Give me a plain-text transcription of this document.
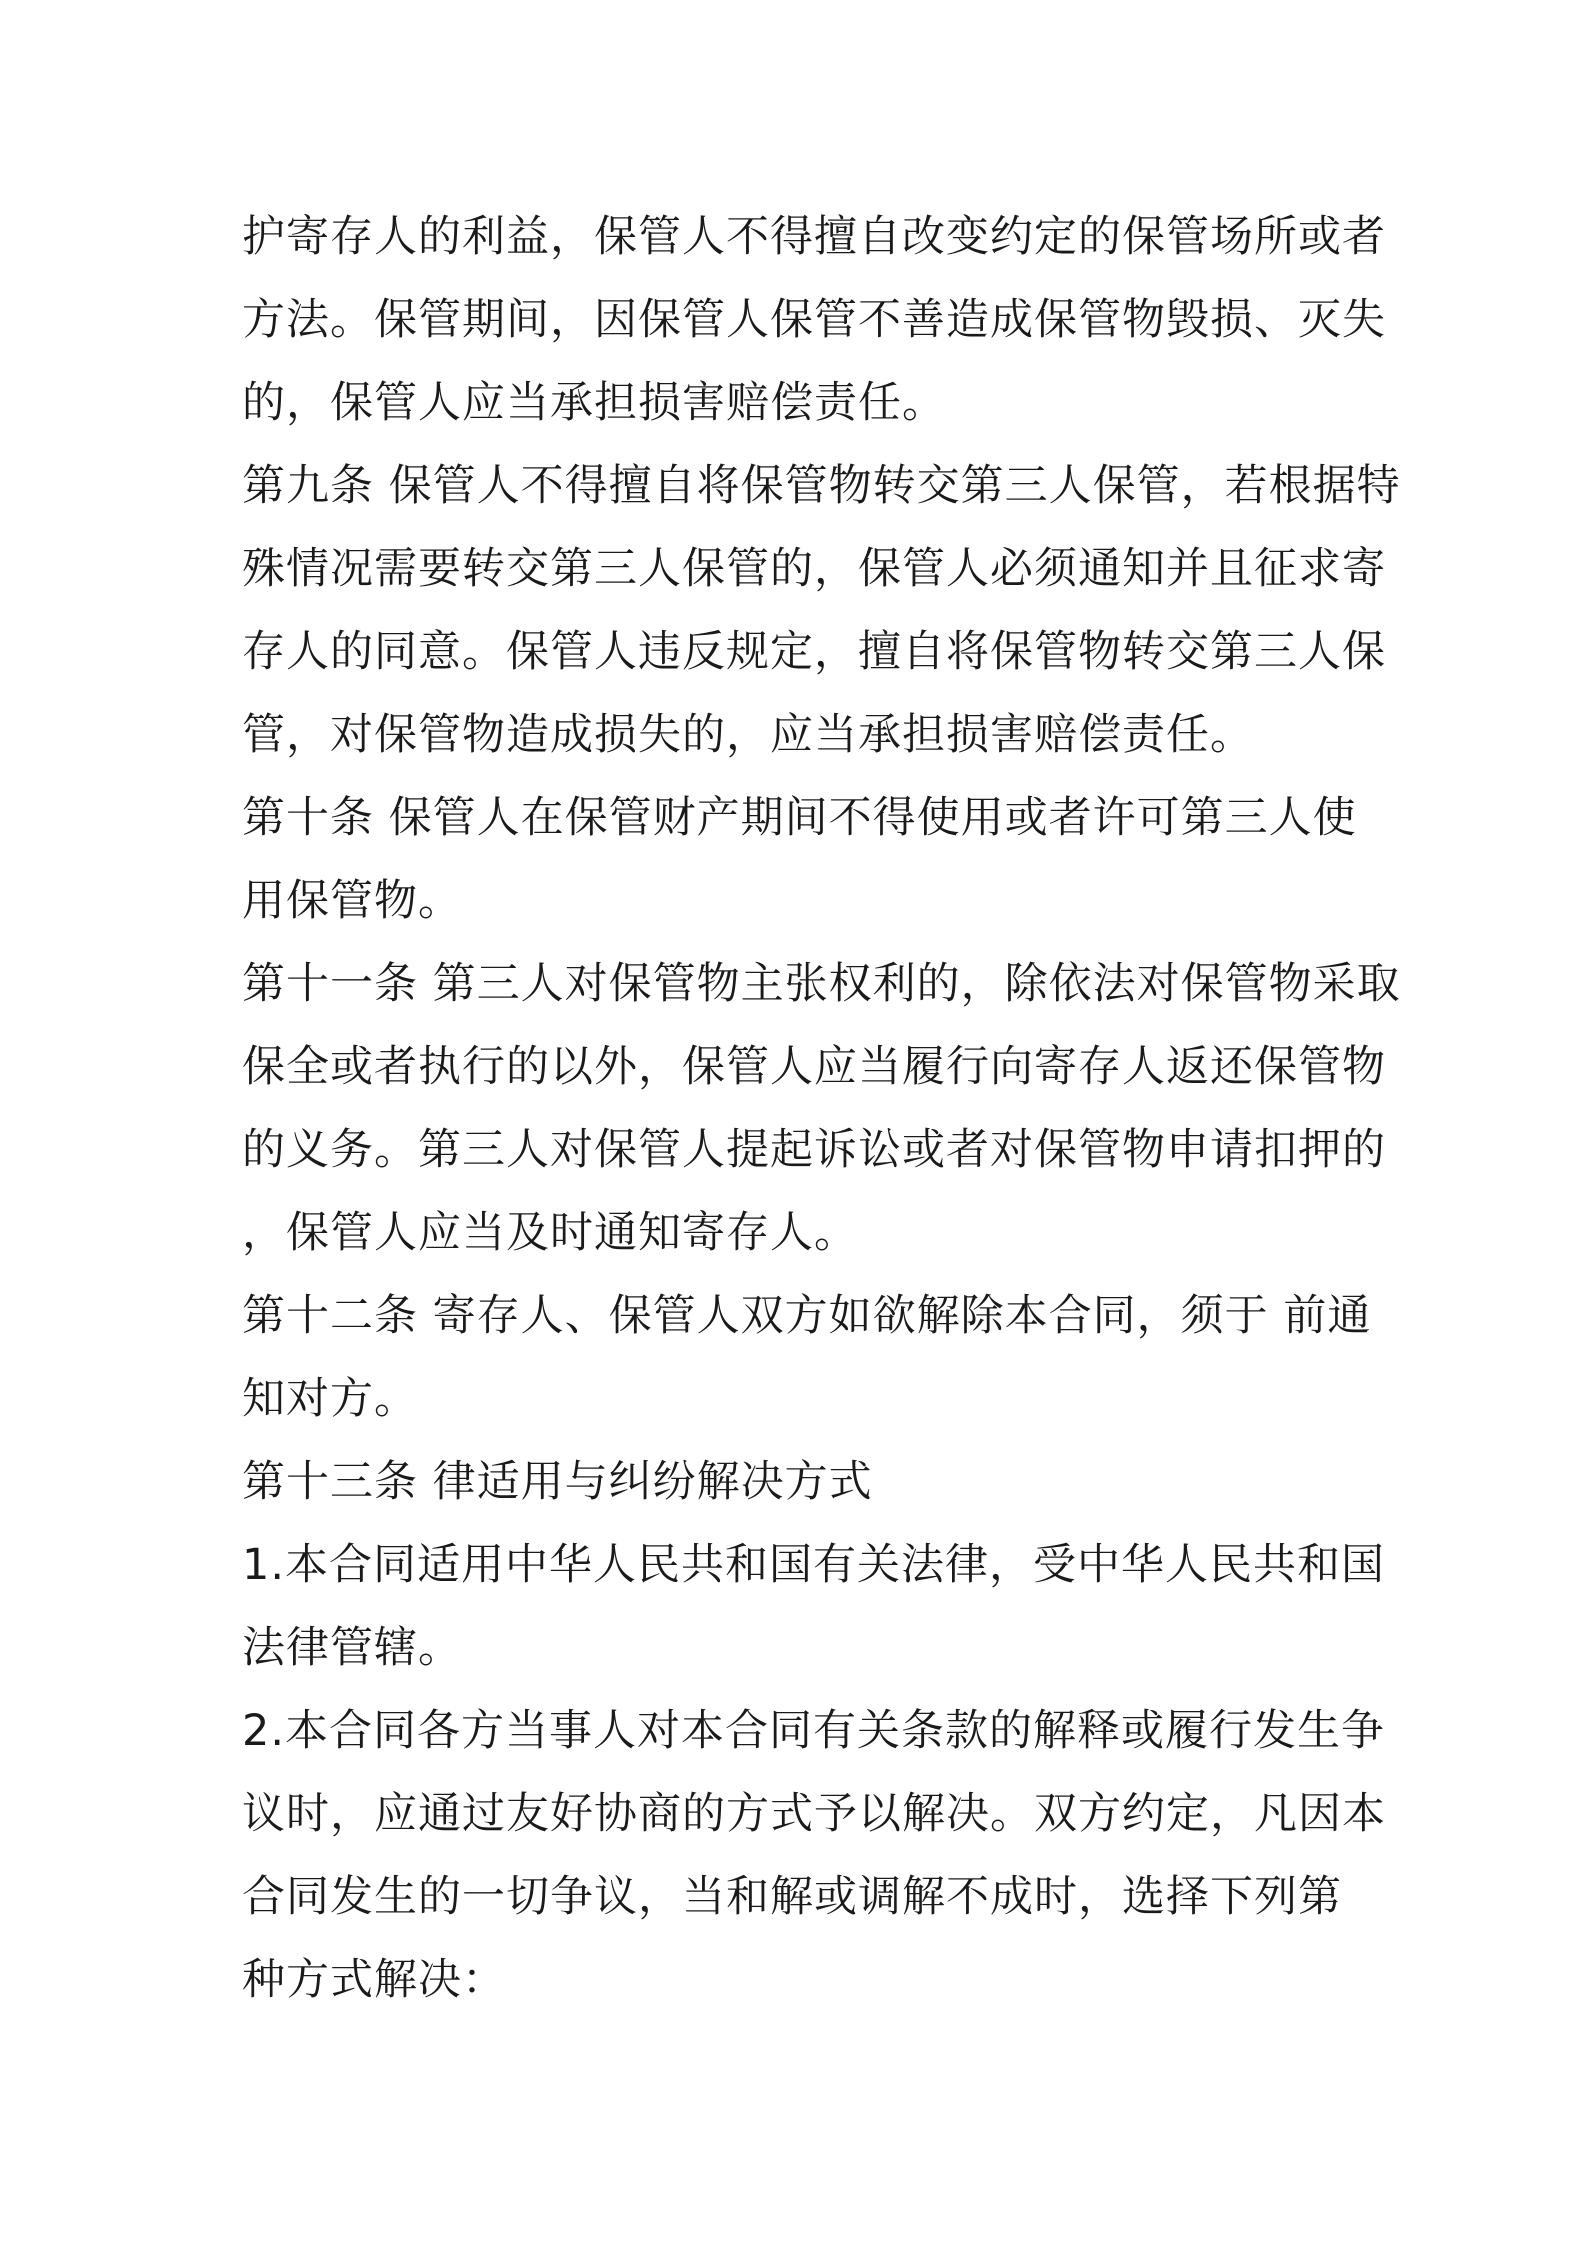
护寄存人的利益，保管人不得擅自改变约定的保管场所或者
方法。保管期间，因保管人保管不善造成保管物毁损、灭失
的，保管人应当承担损害赔偿责任。
第九条 保管人不得擅自将保管物转交第三人保管，若根据特
殊情况需要转交第三人保管的，保管人必须通知并且征求寄
存人的同意。保管人违反规定，擅自将保管物转交第三人保
管，对保管物造成损失的，应当承担损害赔偿责任。
第十条 保管人在保管财产期间不得使用或者许可第三人使
用保管物。
第十一条 第三人对保管物主张权利的，除依法对保管物采取
保全或者执行的以外，保管人应当履行向寄存人返还保管物
的义务。第三人对保管人提起诉讼或者对保管物申请扣押的
，保管人应当及时通知寄存人。
第十二条 寄存人、保管人双方如欲解除本合同，须于 前通
知对方。
第十三条 律适用与纠纷解决方式
1.本合同适用中华人民共和国有关法律，受中华人民共和国
法律管辖。
2.本合同各方当事人对本合同有关条款的解释或履行发生争
议时，应通过友好协商的方式予以解决。双方约定，凡因本
合同发生的一切争议，当和解或调解不成时，选择下列第
种方式解决：
